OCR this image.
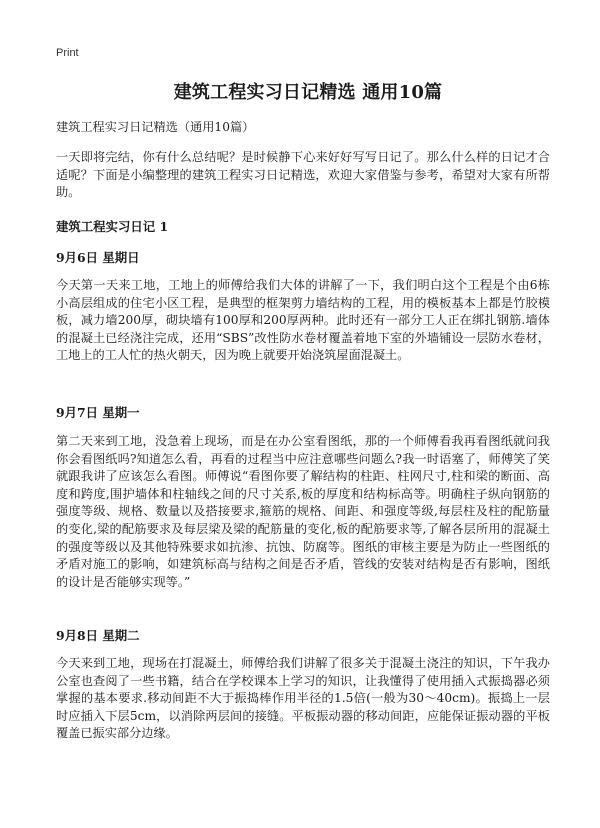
Print
建筑工程实习日记精选 通用10篇
建筑工程实习日记精选（通用10篇）

一天即将完结，你有什么总结呢？是时候静下心来好好写写日记了。那么什么样的日记才合适呢？下面是小编整理的建筑工程实习日记精选，欢迎大家借鉴与参考，希望对大家有所帮助。

建筑工程实习日记 1
9月6日 星期日

今天第一天来工地，工地上的师傅给我们大体的讲解了一下，我们明白这个工程是个由6栋小高层组成的住宅小区工程，是典型的框架剪力墙结构的工程，用的模板基本上都是竹胶模板，减力墙200厚，砌块墙有100厚和200厚两种。此时还有一部分工人正在绑扎钢筋.墙体的混凝土已经浇注完成，还用“SBS”改性防水卷材覆盖着地下室的外墙铺设一层防水卷材，工地上的工人忙的热火朝天，因为晚上就要开始浇筑屋面混凝土。

9月7日 星期一

第二天来到工地，没急着上现场，而是在办公室看图纸，那的一个师傅看我再看图纸就问我你会看图纸吗?知道怎么看，再看的过程当中应注意哪些问题么?我一时语塞了，师傅笑了笑就跟我讲了应该怎么看图。师傅说“看图你要了解结构的柱距、柱网尺寸,柱和梁的断面、高度和跨度,围护墙体和柱轴线之间的尺寸关系,板的厚度和结构标高等。明确柱子纵向钢筋的强度等级、规格、数量以及搭接要求,箍筋的规格、间距、和强度等级,每层柱及柱的配筋量的变化,梁的配筋要求及每层梁及梁的配筋量的变化,板的配筋要求等,了解各层所用的混凝土的强度等级以及其他特殊要求如抗渗、抗蚀、防腐等。图纸的审核主要是为防止一些图纸的矛盾对施工的影响，如建筑标高与结构之间是否矛盾，管线的安装对结构是否有影响，图纸的设计是否能够实现等。”

9月8日 星期二

今天来到工地，现场在打混凝土，师傅给我们讲解了很多关于混凝土浇注的知识，下午我办公室也查阅了一些书籍，结合在学校课本上学习的知识，让我懂得了使用插入式振捣器必须掌握的基本要求.移动间距不大于振捣棒作用半径的1.5倍(一般为30～40cm)。振捣上一层时应插入下层5cm，以消除两层间的接缝。平板振动器的移动间距，应能保证振动器的平板覆盖已振实部分边缘。
